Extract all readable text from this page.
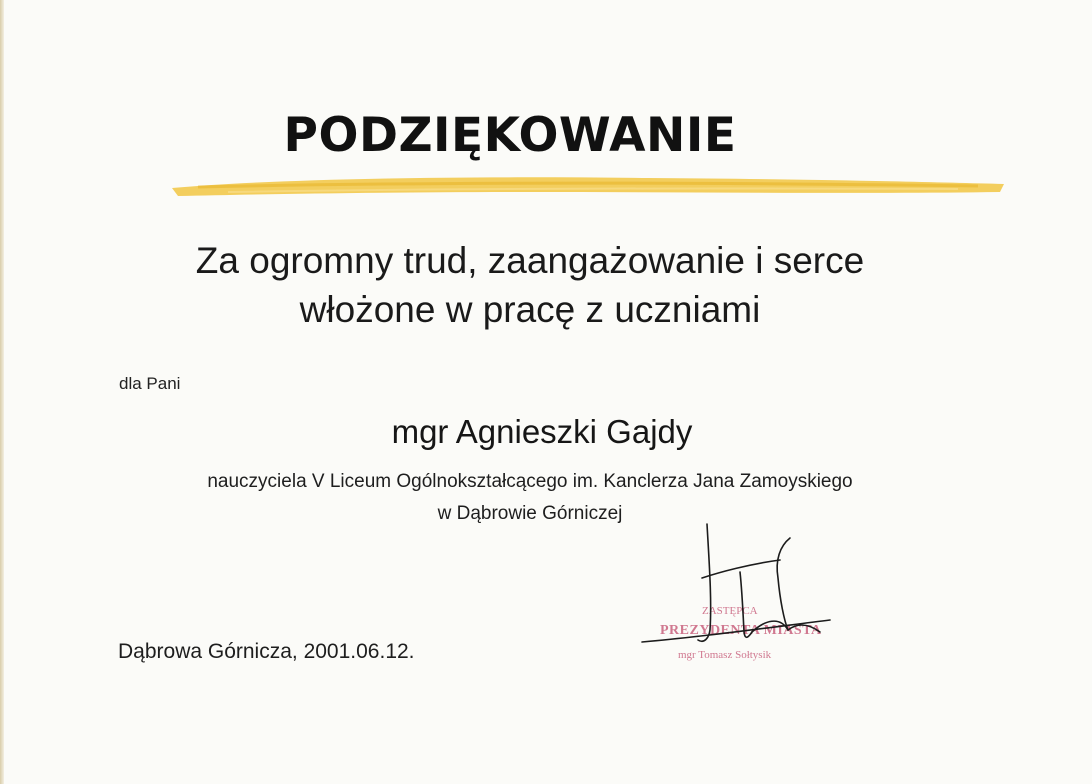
PODZIĘKOWANIE
Za ogromny trud, zaangażowanie i serce
włożone w pracę z uczniami
dla Pani
mgr Agnieszki Gajdy
nauczyciela V Liceum Ogólnokształcącego im. Kanclerza Jana Zamoyskiego
w Dąbrowie Górniczej
Dąbrowa Górnicza, 2001.06.12.
ZASTĘPCA
PREZYDENTA MIASTA
mgr Tomasz Sołtysik
